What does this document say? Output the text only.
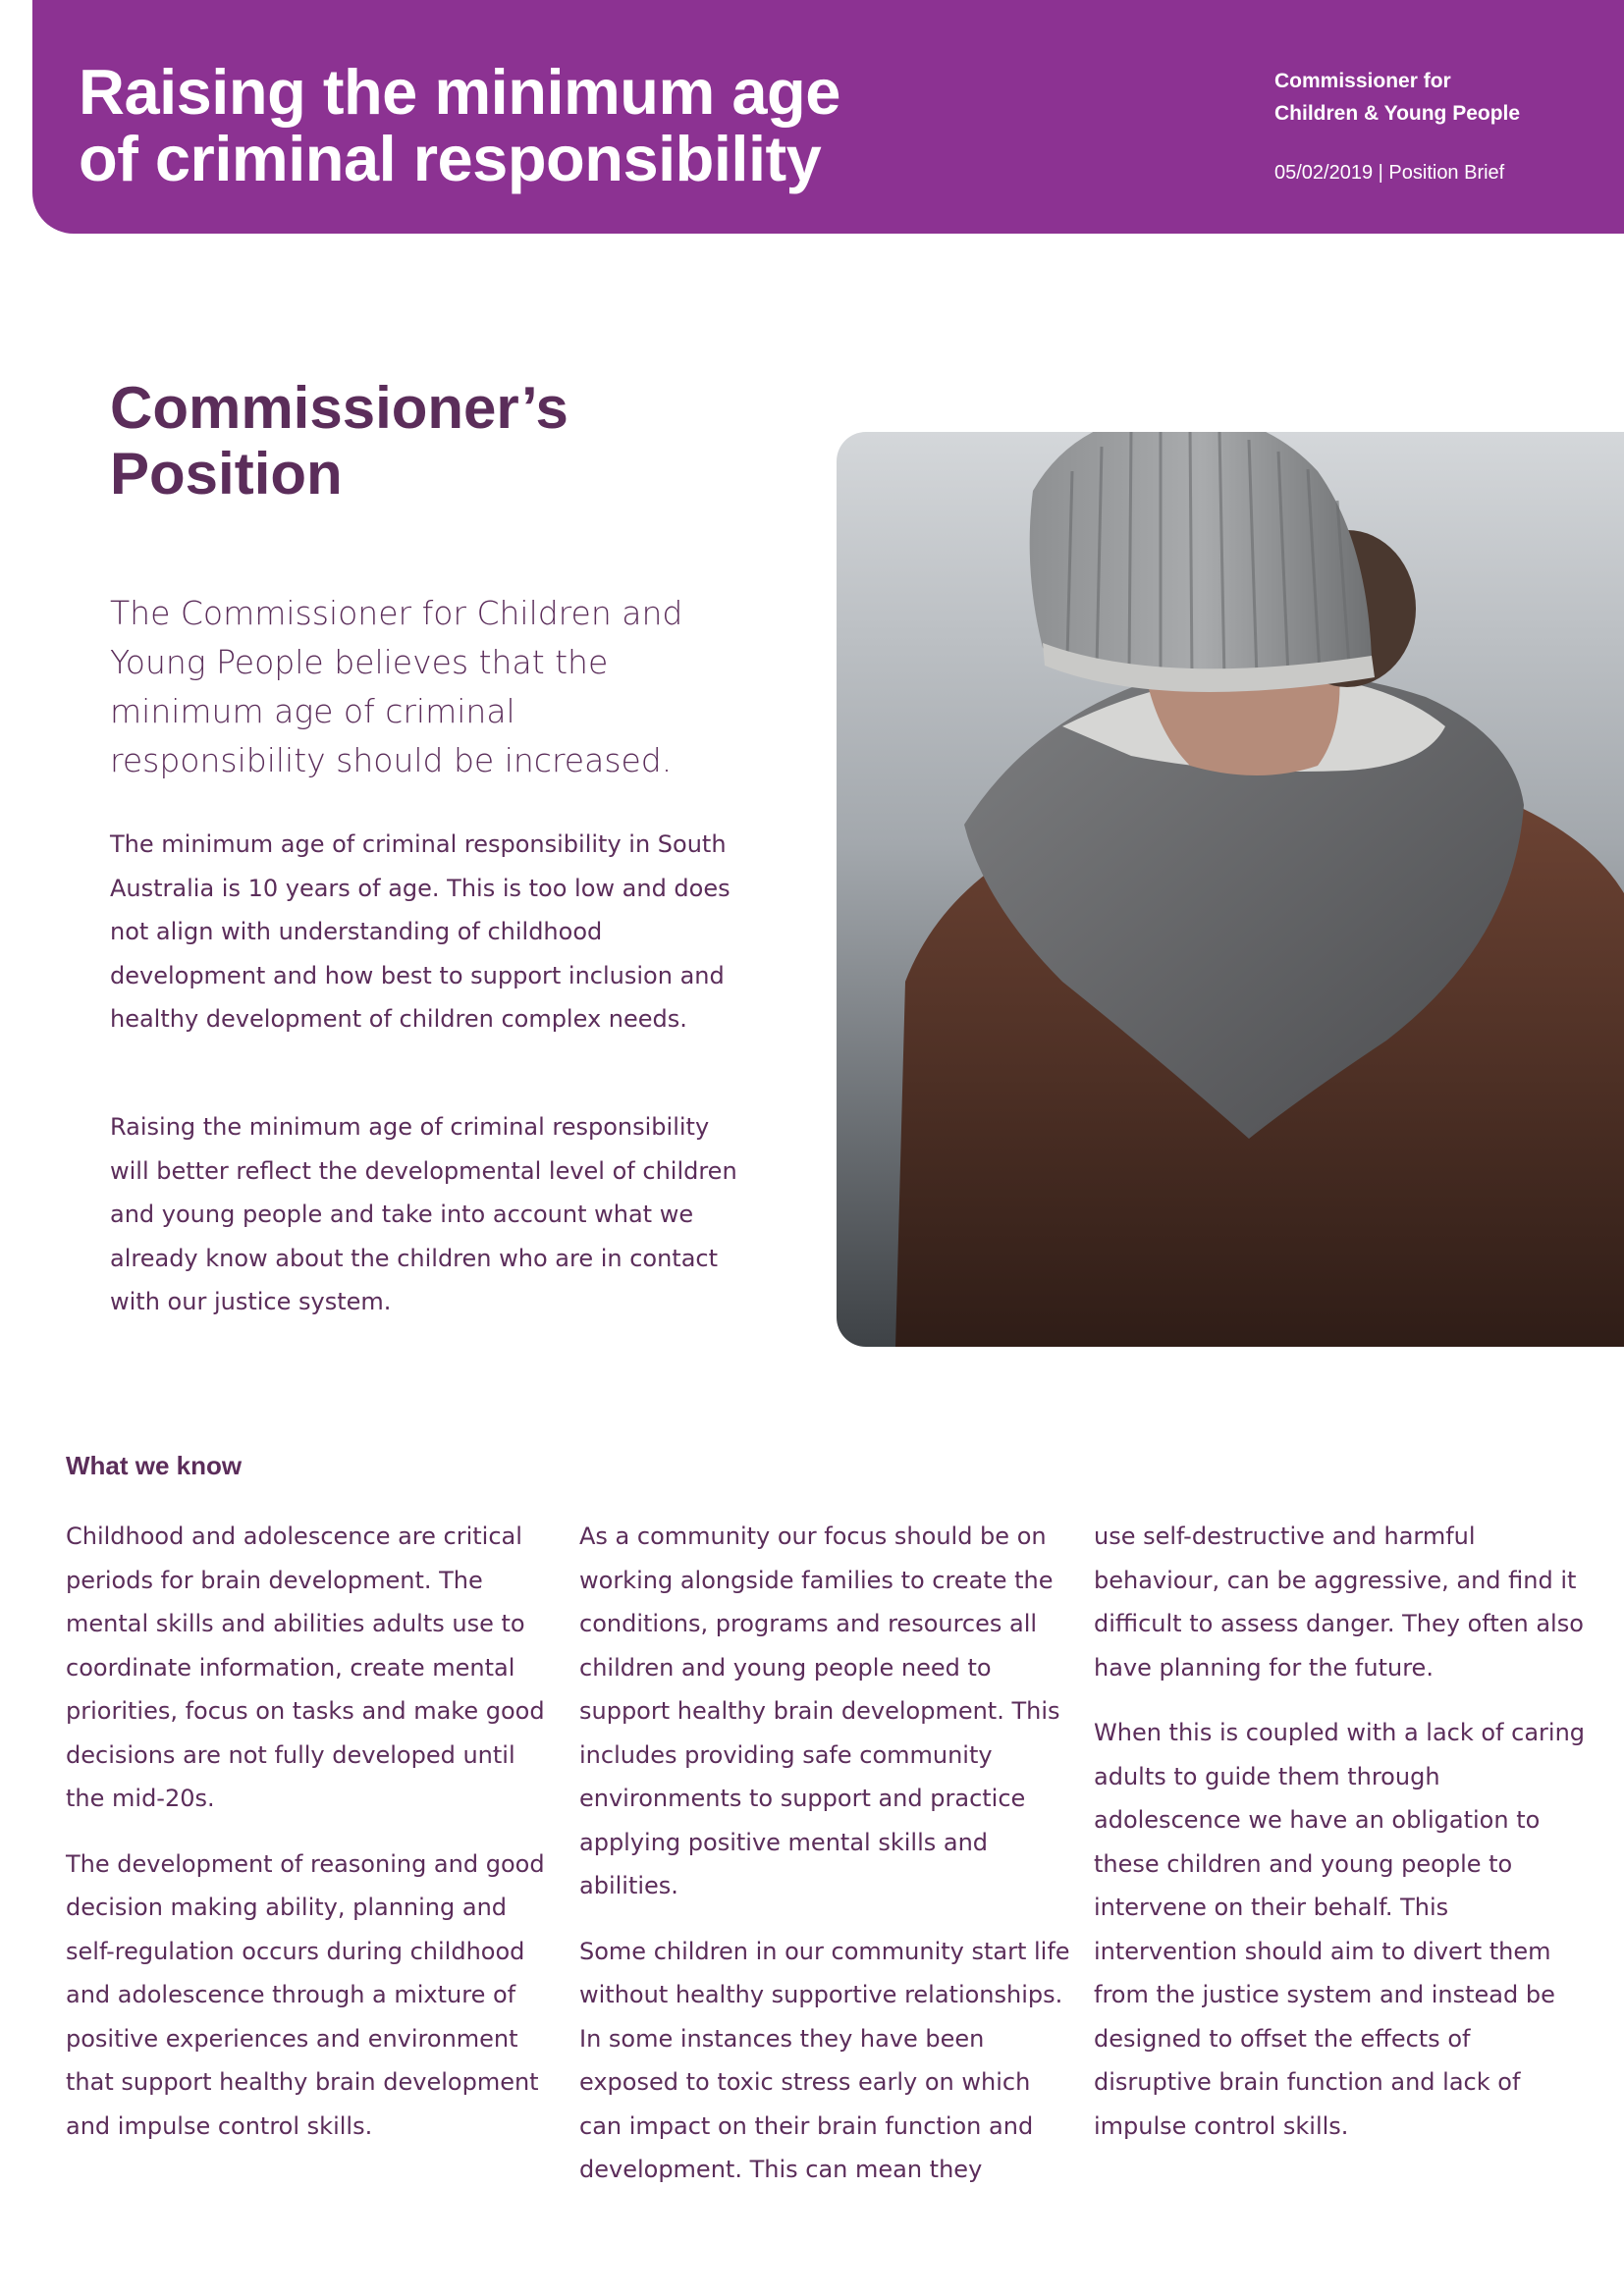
Raising the minimum age
of criminal responsibility
Commissioner for
Children & Young People
05/02/2019 | Position Brief
Commissioner’s
Position

The Commissioner for Children and Young People believes that the minimum age of criminal responsibility should be increased.

The minimum age of criminal responsibility in South Australia is 10 years of age. This is too low and does not align with understanding of childhood development and how best to support inclusion and healthy development of children complex needs.

Raising the minimum age of criminal responsibility will better reflect the developmental level of children and young people and take into account what we already know about the children who are in contact with our justice system.

What we know

Childhood and adolescence are critical periods for brain development. The mental skills and abilities adults use to coordinate information, create mental priorities, focus on tasks and make good decisions are not fully developed until the mid-20s.

The development of reasoning and good decision making ability, planning and self-regulation occurs during childhood and adolescence through a mixture of positive experiences and environment that support healthy brain development and impulse control skills.

As a community our focus should be on working alongside families to create the conditions, programs and resources all children and young people need to support healthy brain development. This includes providing safe community environments to support and practice applying positive mental skills and abilities.

Some children in our community start life without healthy supportive relationships. In some instances they have been exposed to toxic stress early on which can impact on their brain function and development. This can mean they

use self-destructive and harmful behaviour, can be aggressive, and find it difficult to assess danger. They often also have planning for the future.

When this is coupled with a lack of caring adults to guide them through adolescence we have an obligation to these children and young people to intervene on their behalf. This intervention should aim to divert them from the justice system and instead be designed to offset the effects of disruptive brain function and lack of impulse control skills.
